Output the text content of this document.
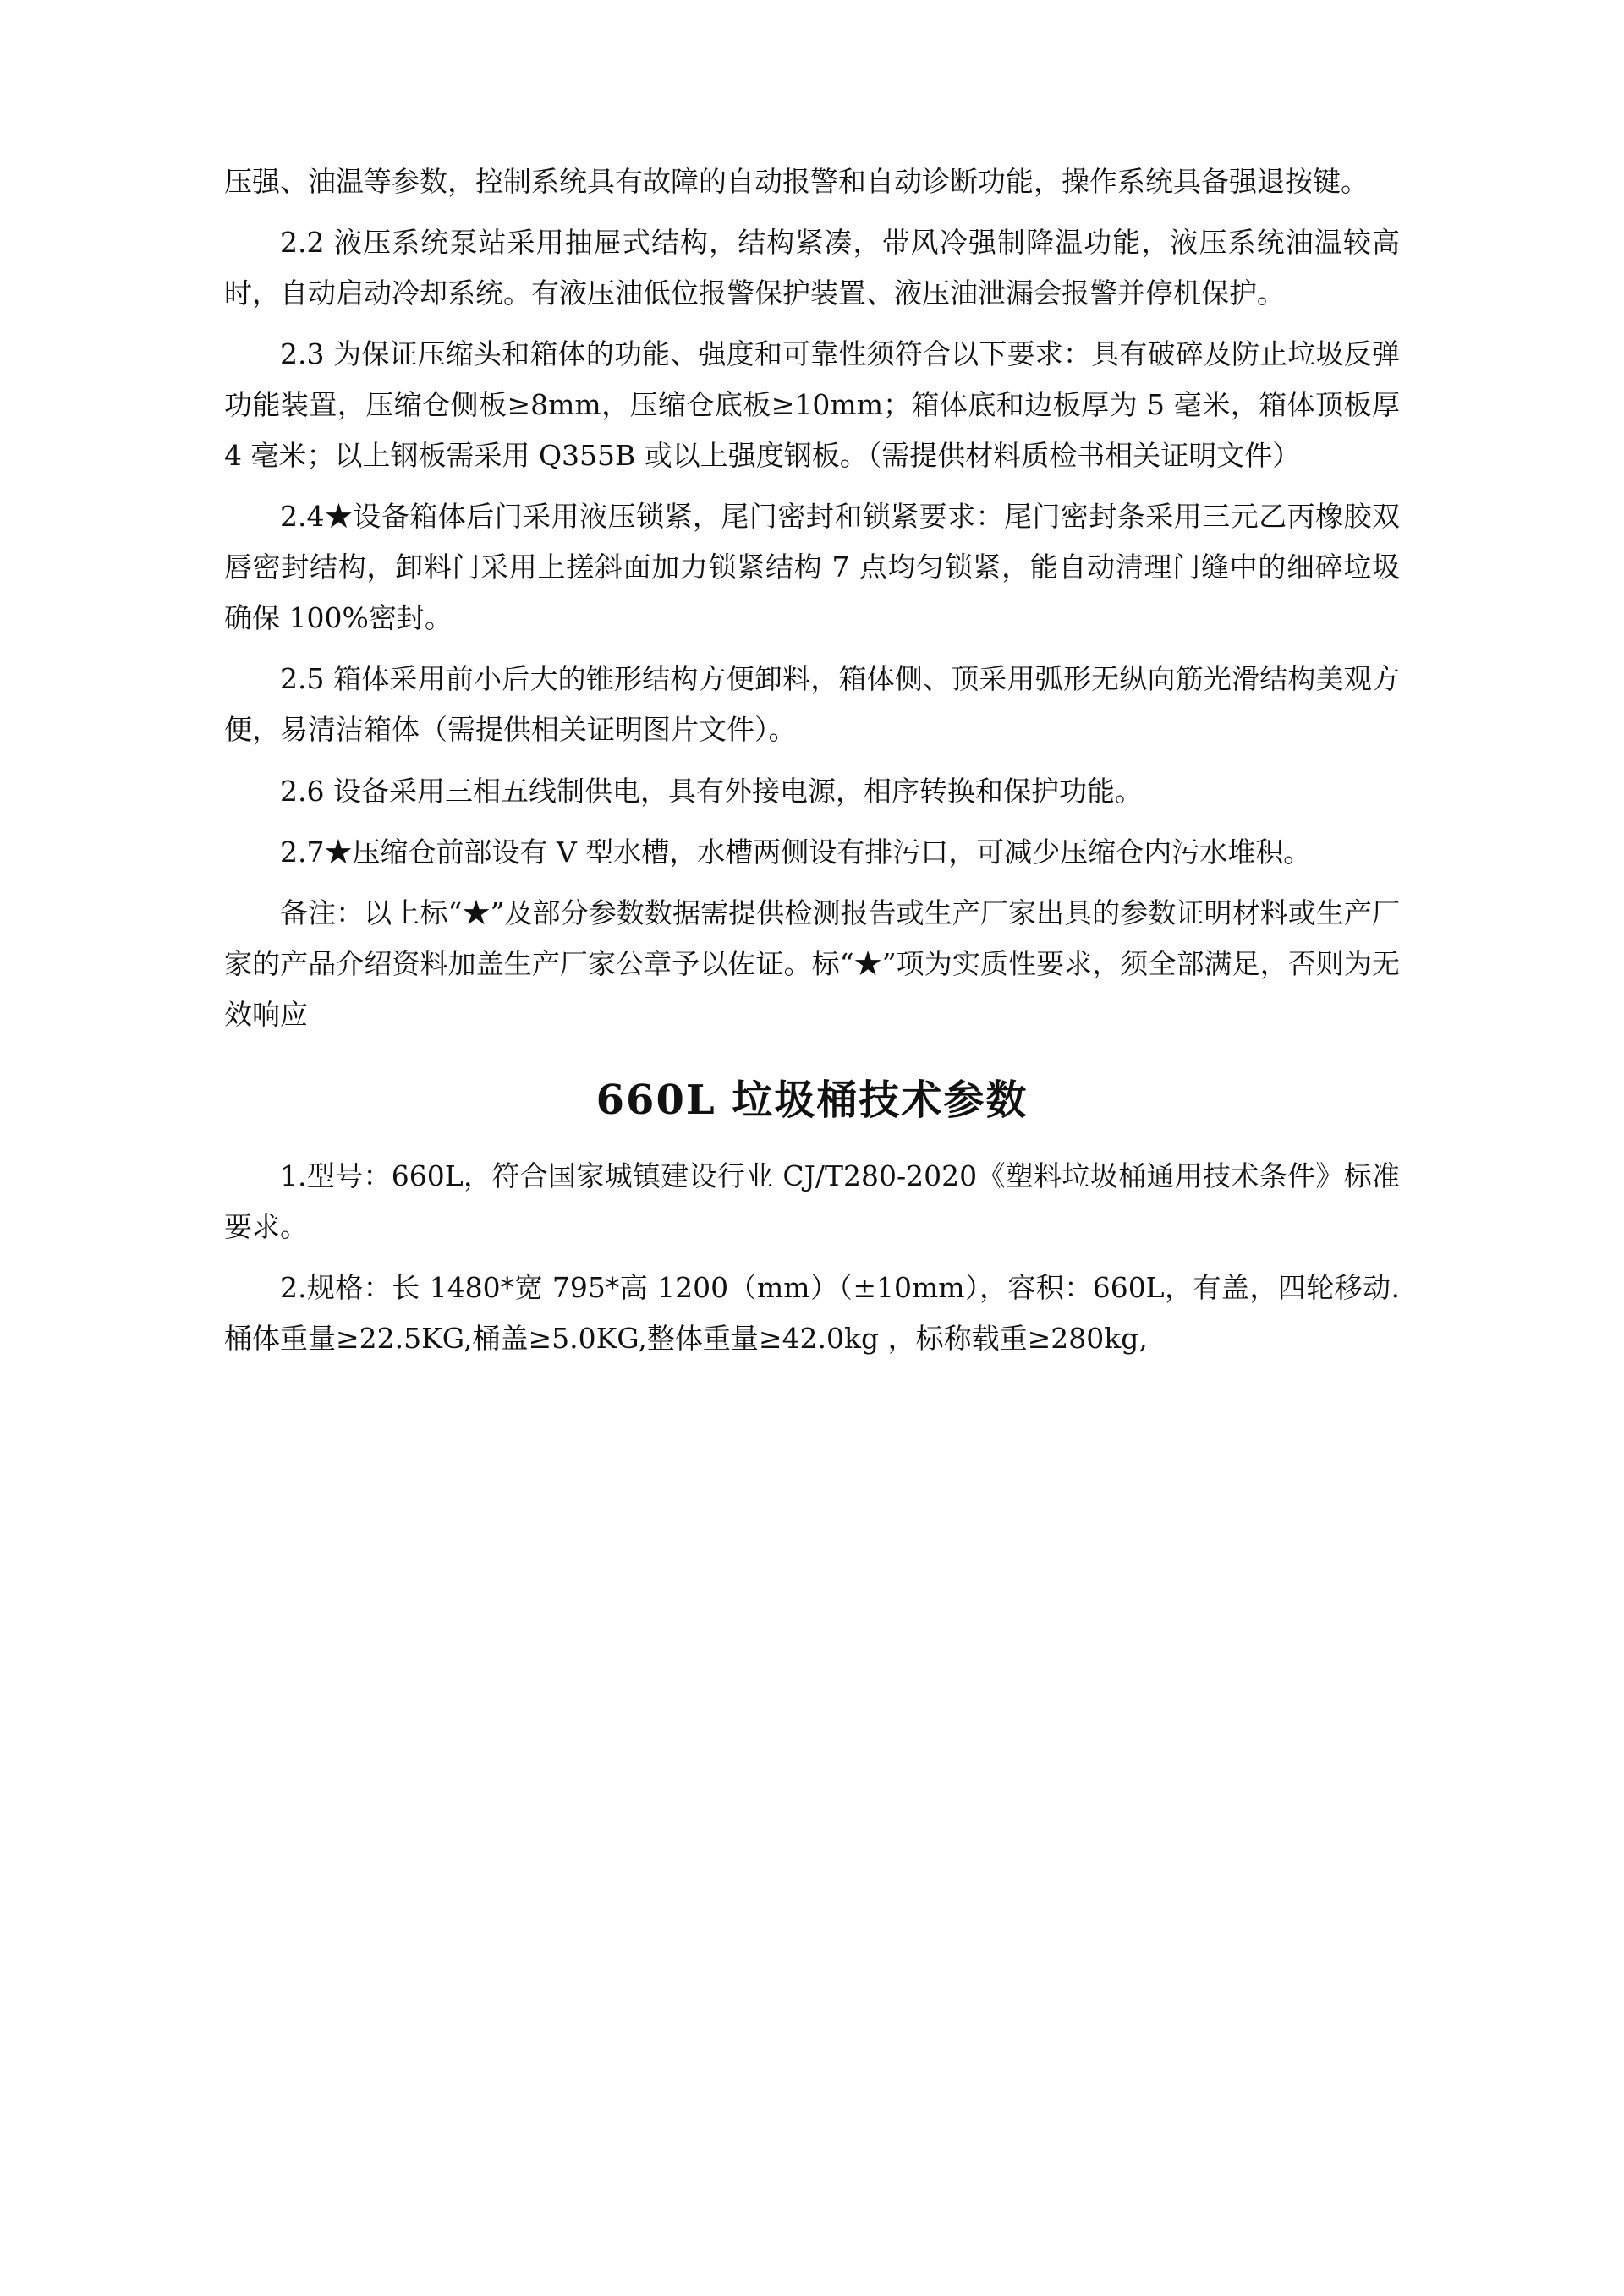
压强、油温等参数，控制系统具有故障的自动报警和自动诊断功能，操作系统具备强退按键。

2.2 液压系统泵站采用抽屉式结构，结构紧凑，带风冷强制降温功能，液压系统油温较高时，自动启动冷却系统。有液压油低位报警保护装置、液压油泄漏会报警并停机保护。

2.3 为保证压缩头和箱体的功能、强度和可靠性须符合以下要求：具有破碎及防止垃圾反弹功能装置，压缩仓侧板≥8mm，压缩仓底板≥10mm；箱体底和边板厚为 5 毫米，箱体顶板厚 4 毫米；以上钢板需采用 Q355B 或以上强度钢板。（需提供材料质检书相关证明文件）

2.4★设备箱体后门采用液压锁紧，尾门密封和锁紧要求：尾门密封条采用三元乙丙橡胶双唇密封结构，卸料门采用上搓斜面加力锁紧结构 7 点均匀锁紧，能自动清理门缝中的细碎垃圾确保 100%密封。

2.5 箱体采用前小后大的锥形结构方便卸料，箱体侧、顶采用弧形无纵向筋光滑结构美观方便，易清洁箱体（需提供相关证明图片文件）。

2.6 设备采用三相五线制供电，具有外接电源，相序转换和保护功能。

2.7★压缩仓前部设有 V 型水槽，水槽两侧设有排污口，可减少压缩仓内污水堆积。

备注：以上标“★”及部分参数数据需提供检测报告或生产厂家出具的参数证明材料或生产厂家的产品介绍资料加盖生产厂家公章予以佐证。标“★”项为实质性要求，须全部满足，否则为无效响应

660L 垃圾桶技术参数

1.型号：660L，符合国家城镇建设行业 CJ/T280-2020《塑料垃圾桶通用技术条件》标准要求。

2.规格：长 1480*宽 795*高 1200（mm）（±10mm），容积：660L，有盖，四轮移动.桶体重量≥22.5KG,桶盖≥5.0KG,整体重量≥42.0kg ，标称载重≥280kg,
